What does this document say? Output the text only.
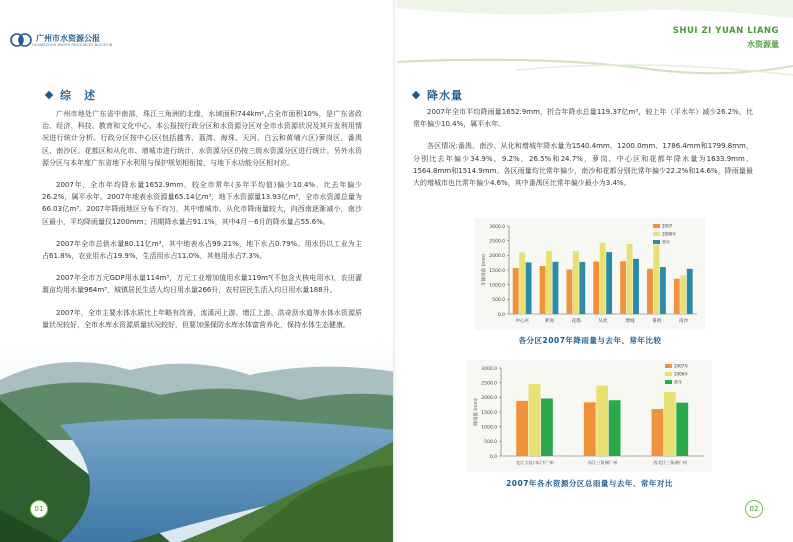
广州市水资源公报
GUANGZHOU WATER RESOURCES BULLETIN
综　述

广州市地处广东省中南部，珠江三角洲的北缘，水域面积744km²,占全市面积10%，是广东省政治、经济、科技、教育和文化中心。本公报按行政分区和水资源分区对全市水资源状况及其开发利用情况进行统计分析。行政分区按中心区(包括越秀、荔湾、海珠、天河、白云和黄埔六区)萝岗区、番禺区、南沙区、花都区和从化市、增城市进行统计，水资源分区仍按三级水资源分区进行统计。另外水资源分区与本年度广东省地下水利用与保护规划相衔接，与地下水功能分区相对应。

2007年，全市年均降水量1652.9mm，较全市常年(多年平均值)偏少10.4%，比去年偏少26.2%，属平水年。2007年地表水资源量65.14亿m³，地下水资源量13.93亿m³，全市水资源总量为66.03亿m³。2007年降雨地区分布不均匀，其中增城市、从化市降雨量较大，向西南逐渐减小，南沙区最小，平均降雨量仅1200mm；汛期降水量占91.1%，其中4月－6月的降水量占55.6%。

2007年全市总供水量80.11亿m³，其中地表水占99.21%，地下水占0.79%。用水仍以工业为主占61.8%，农业用水占19.9%，生活用水占11.0%，其他用水占7.3%。

2007年全市万元GDP用水量114m³，万元工业增加值用水量119m³(不包含火核电用水)，农田灌溉亩均用水量964m³，城镇居民生活人均日用水量266升，农村居民生活人均日用水量188升。

2007年，全市主要水体水质比上年略有改善，流溪河上游、增江上游、洪奇沥水道等水体水资源质量状况较好，全市水库水资源质量状况较好，但要加强保防水库水体富营养化，保持水体生态健康。

01
SHUI ZI YUAN LIANG
水资源量
降水量

2007年全市平均降雨量1652.9mm，折合年降水总量119.37亿m³，较上年（平水年）减少26.2%，比常年偏少10.4%，属平水年。

各区情况:番禺、南沙、从化和增城年降水量为1540.4mm、1200.0mm、1786.4mm和1799.8mm，分别比去年偏少34.9%、9.2%、26.5%和24.7%，萝岗、中心区和花都年降水量为1633.9mm、1564.8mm和1514.9mm。各区雨量均比常年偏少，南沙和花都分别比常年偏少22.2%和14.6%，降雨量最大的增城市也比常年偏少4.6%，其中番禺区比常年偏少最小为3.4%。

0.0
500.0
1000.0
1500.0
2000.0
2500.0
3000.0
年降雨量 (mm)
中心区	萝岗	花都	从化	增城	番禺	南沙
2007
2006年
常年
各分区2007年降雨量与去年、常年比较
0.0
500.0
1000.0
1500.0
2000.0
2500.0
3000.0
降雨量 (mm)
北江大坑口以下广州	东江三角洲广州	西北江三角洲广州
2007年
2006年
常年
2007年各水资源分区总雨量与去年、常年对比
02
